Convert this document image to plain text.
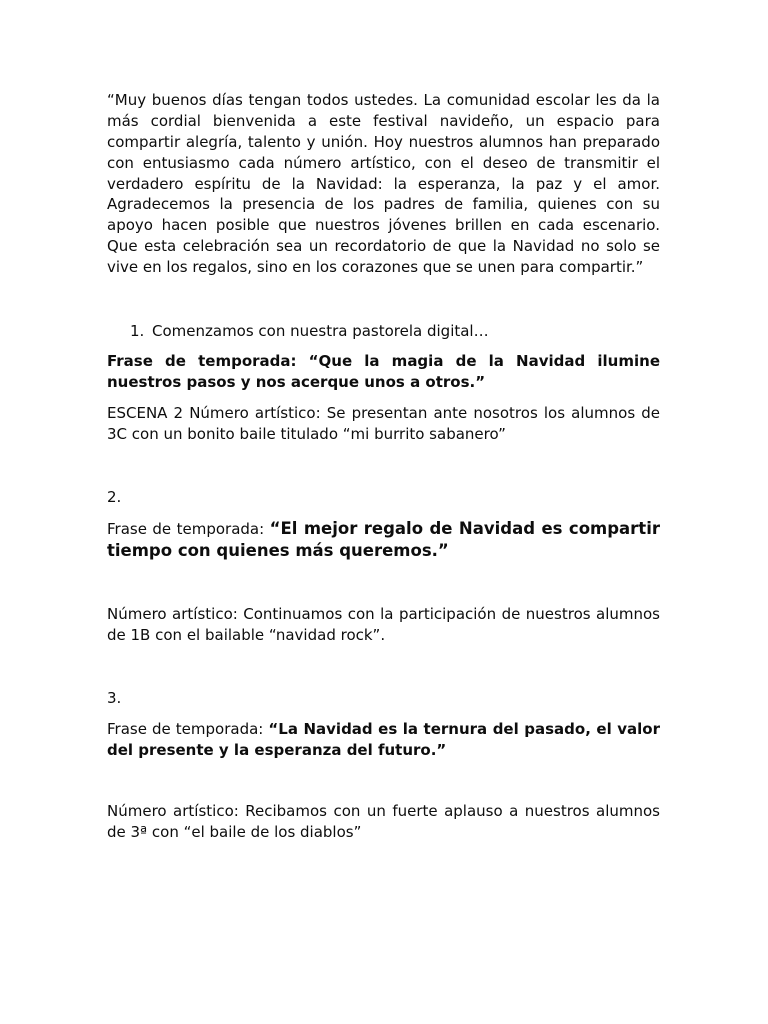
“Muy buenos días tengan todos ustedes. La comunidad escolar les da la
más cordial bienvenida a este festival navideño, un espacio para
compartir alegría, talento y unión. Hoy nuestros alumnos han preparado
con entusiasmo cada número artístico, con el deseo de transmitir el
verdadero espíritu de la Navidad: la esperanza, la paz y el amor.
Agradecemos la presencia de los padres de familia, quienes con su
apoyo hacen posible que nuestros jóvenes brillen en cada escenario.
Que esta celebración sea un recordatorio de que la Navidad no solo se
vive en los regalos, sino en los corazones que se unen para compartir.”
1. Comenzamos con nuestra pastorela digital…
Frase de temporada: “Que la magia de la Navidad ilumine
nuestros pasos y nos acerque unos a otros.”
ESCENA 2 Número artístico: Se presentan ante nosotros los alumnos de
3C con un bonito baile titulado “mi burrito sabanero”
2.
Frase de temporada: “El mejor regalo de Navidad es compartir
tiempo con quienes más queremos.”
Número artístico: Continuamos con la participación de nuestros alumnos
de 1B con el bailable “navidad rock”.
3.
Frase de temporada: “La Navidad es la ternura del pasado, el valor
del presente y la esperanza del futuro.”
Número artístico: Recibamos con un fuerte aplauso a nuestros alumnos
de 3ª con “el baile de los diablos”
